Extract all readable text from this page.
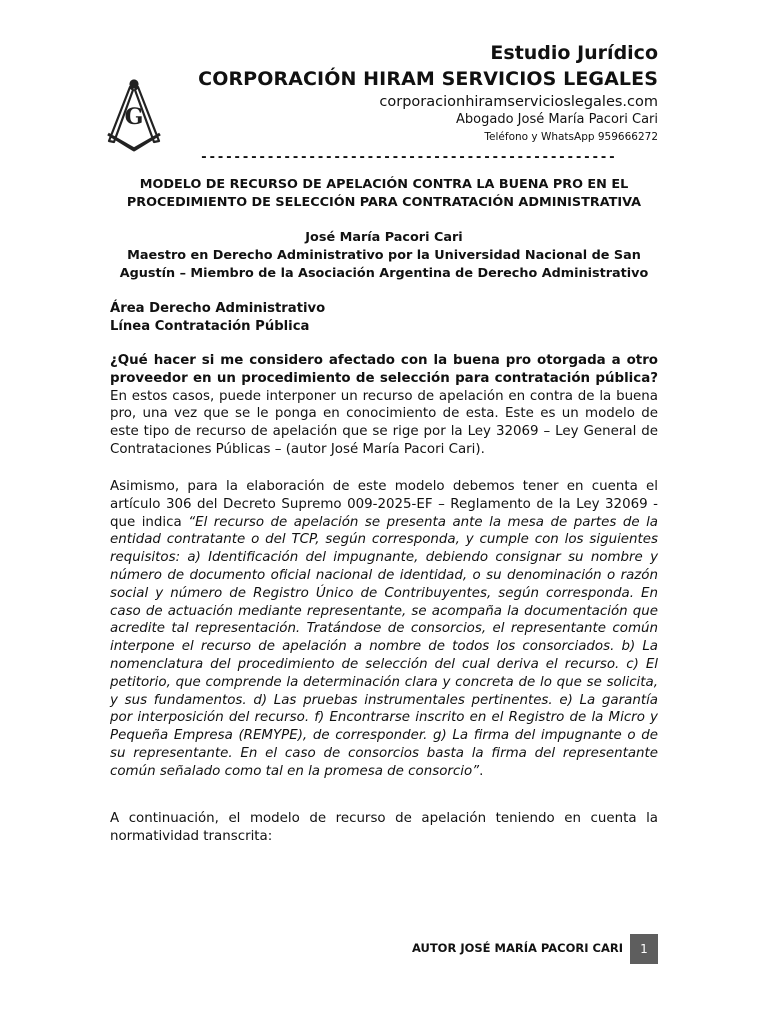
G
Estudio Jurídico
CORPORACIÓN HIRAM SERVICIOS LEGALES
corporacionhiramservicioslegales.com
Abogado José María Pacori Cari
Teléfono y WhatsApp 959666272
--------------------------------------------------
MODELO DE RECURSO DE APELACIÓN CONTRA LA BUENA PRO EN EL PROCEDIMIENTO DE SELECCIÓN PARA CONTRATACIÓN ADMINISTRATIVA
José María Pacori Cari
Maestro en Derecho Administrativo por la Universidad Nacional de San Agustín – Miembro de la Asociación Argentina de Derecho Administrativo
Área Derecho Administrativo
Línea Contratación Pública
¿Qué hacer si me considero afectado con la buena pro otorgada a otro proveedor en un procedimiento de selección para contratación pública? En estos casos, puede interponer un recurso de apelación en contra de la buena pro, una vez que se le ponga en conocimiento de esta. Este es un modelo de este tipo de recurso de apelación que se rige por la Ley 32069 – Ley General de Contrataciones Públicas – (autor José María Pacori Cari).
Asimismo, para la elaboración de este modelo debemos tener en cuenta el artículo 306 del Decreto Supremo 009-2025-EF – Reglamento de la Ley 32069 - que indica “El recurso de apelación se presenta ante la mesa de partes de la entidad contratante o del TCP, según corresponda, y cumple con los siguientes requisitos: a) Identificación del impugnante, debiendo consignar su nombre y número de documento oficial nacional de identidad, o su denominación o razón social y número de Registro Único de Contribuyentes, según corresponda. En caso de actuación mediante representante, se acompaña la documentación que acredite tal representación. Tratándose de consorcios, el representante común interpone el recurso de apelación a nombre de todos los consorciados. b) La nomenclatura del procedimiento de selección del cual deriva el recurso. c) El petitorio, que comprende la determinación clara y concreta de lo que se solicita, y sus fundamentos. d) Las pruebas instrumentales pertinentes. e) La garantía por interposición del recurso. f) Encontrarse inscrito en el Registro de la Micro y Pequeña Empresa (REMYPE), de corresponder. g) La firma del impugnante o de su representante. En el caso de consorcios basta la firma del representante común señalado como tal en la promesa de consorcio”.
A continuación, el modelo de recurso de apelación teniendo en cuenta la normatividad transcrita:
AUTOR JOSÉ MARÍA PACORI CARI	1
